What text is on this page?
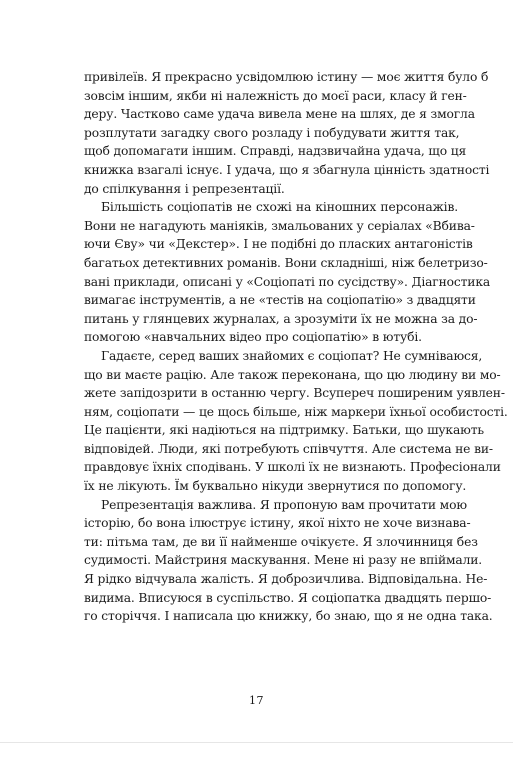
привілеїв. Я прекрасно усвідомлюю істину — моє життя було б
зовсім іншим, якби ні належність до моєї раси, класу й ген-
деру. Частково саме удача вивела мене на шлях, де я змогла
розплутати загадку свого розладу і побудувати життя так,
щоб допомагати іншим. Справді, надзвичайна удача, що ця
книжка взагалі існує. І удача, що я збагнула цінність здатності
до спілкування і репрезентації.
Більшість соціопатів не схожі на кіношних персонажів.
Вони не нагадують маніяків, змальованих у серіалах «Вбива-
ючи Єву» чи «Декстер». І не подібні до пласких антагоністів
багатьох детективних романів. Вони складніші, ніж белетризо-
вані приклади, описані у «Соціопаті по сусідству». Діагностика
вимагає інструментів, а не «тестів на соціопатію» з двадцяти
питань у глянцевих журналах, а зрозуміти їх не можна за до-
помогою «навчальних відео про соціопатію» в ютубі.
Гадаєте, серед ваших знайомих є соціопат? Не сумніваюся,
що ви маєте рацію. Але також переконана, що цю людину ви мо-
жете запідозрити в останню чергу. Всупереч поширеним уявлен-
ням, соціопати — це щось більше, ніж маркери їхньої особистості.
Це пацієнти, які надіються на підтримку. Батьки, що шукають
відповідей. Люди, які потребують співчуття. Але система не ви-
правдовує їхніх сподівань. У школі їх не визнають. Професіонали
їх не лікують. Їм буквально нікуди звернутися по допомогу.
Репрезентація важлива. Я пропоную вам прочитати мою
історію, бо вона ілюструє істину, якої ніхто не хоче визнава-
ти: пітьма там, де ви її найменше очікуєте. Я злочинниця без
судимості. Майстриня маскування. Мене ні разу не впіймали.
Я рідко відчувала жалість. Я доброзичлива. Відповідальна. Не-
видима. Вписуюся в суспільство. Я соціопатка двадцять першо-
го сторіччя. І написала цю книжку, бо знаю, що я не одна така.
17
